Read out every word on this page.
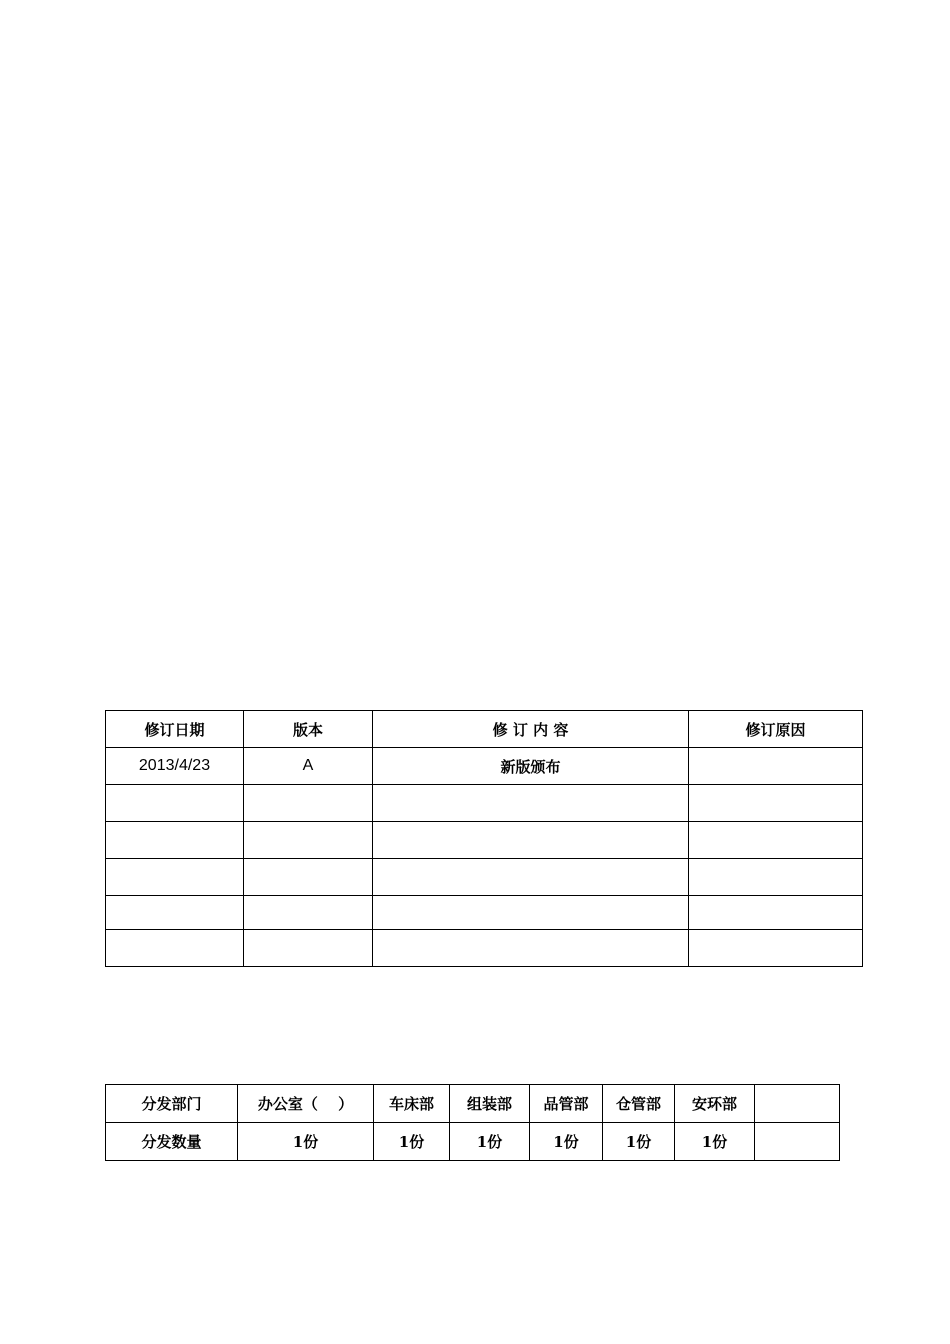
修订日期	版本	修 订 内 容	修订原因
2013/4/23	A	新版颁布	

分发部门	办公室（　 ）	车床部	组装部	品管部	仓管部	安环部	
分发数量	1份	1份	1份	1份	1份	1份	
